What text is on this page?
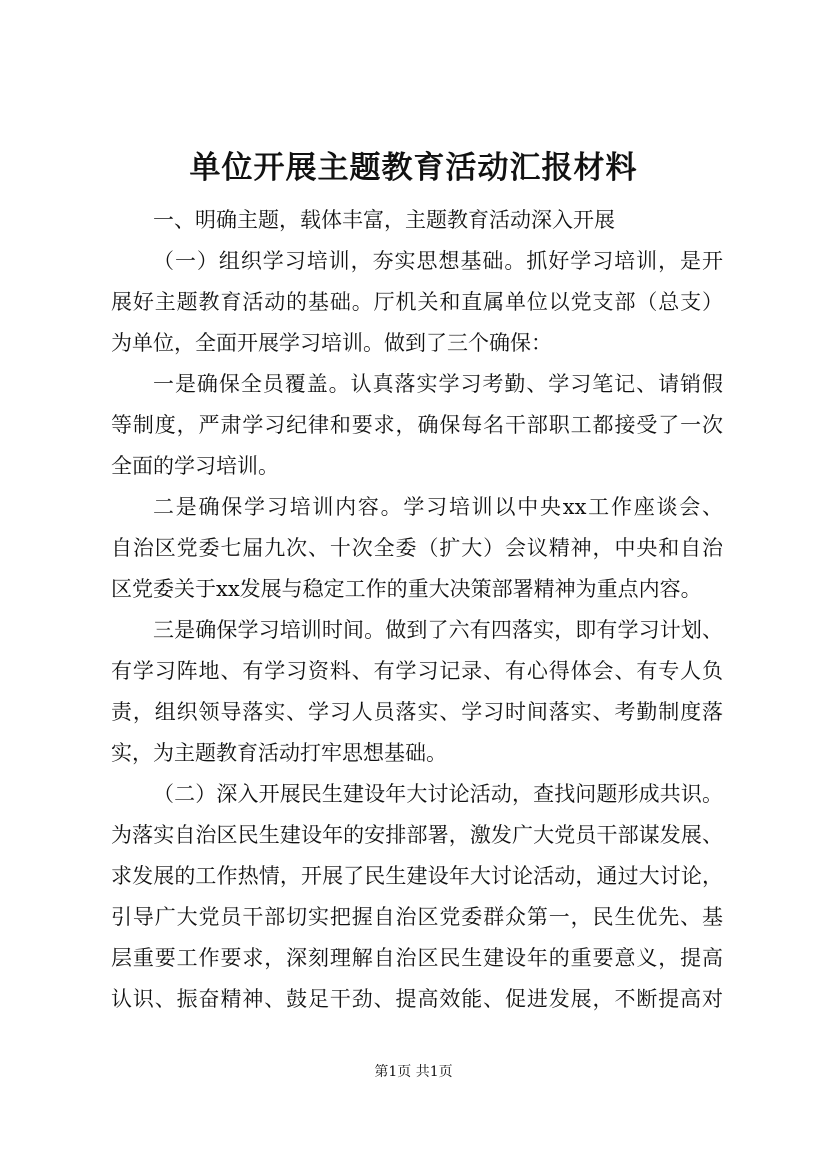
单位开展主题教育活动汇报材料
一、明确主题，载体丰富，主题教育活动深入开展
（一）组织学习培训，夯实思想基础。抓好学习培训，是开
展好主题教育活动的基础。厅机关和直属单位以党支部（总支）
为单位，全面开展学习培训。做到了三个确保：
一是确保全员覆盖。认真落实学习考勤、学习笔记、请销假
等制度，严肃学习纪律和要求，确保每名干部职工都接受了一次
全面的学习培训。
二是确保学习培训内容。学习培训以中央xx工作座谈会、
自治区党委七届九次、十次全委（扩大）会议精神，中央和自治
区党委关于xx发展与稳定工作的重大决策部署精神为重点内容。
三是确保学习培训时间。做到了六有四落实，即有学习计划、
有学习阵地、有学习资料、有学习记录、有心得体会、有专人负
责，组织领导落实、学习人员落实、学习时间落实、考勤制度落
实，为主题教育活动打牢思想基础。
（二）深入开展民生建设年大讨论活动，查找问题形成共识。
为落实自治区民生建设年的安排部署，激发广大党员干部谋发展、
求发展的工作热情，开展了民生建设年大讨论活动，通过大讨论，
引导广大党员干部切实把握自治区党委群众第一，民生优先、基
层重要工作要求，深刻理解自治区民生建设年的重要意义，提高
认识、振奋精神、鼓足干劲、提高效能、促进发展，不断提高对
第1页 共1页
